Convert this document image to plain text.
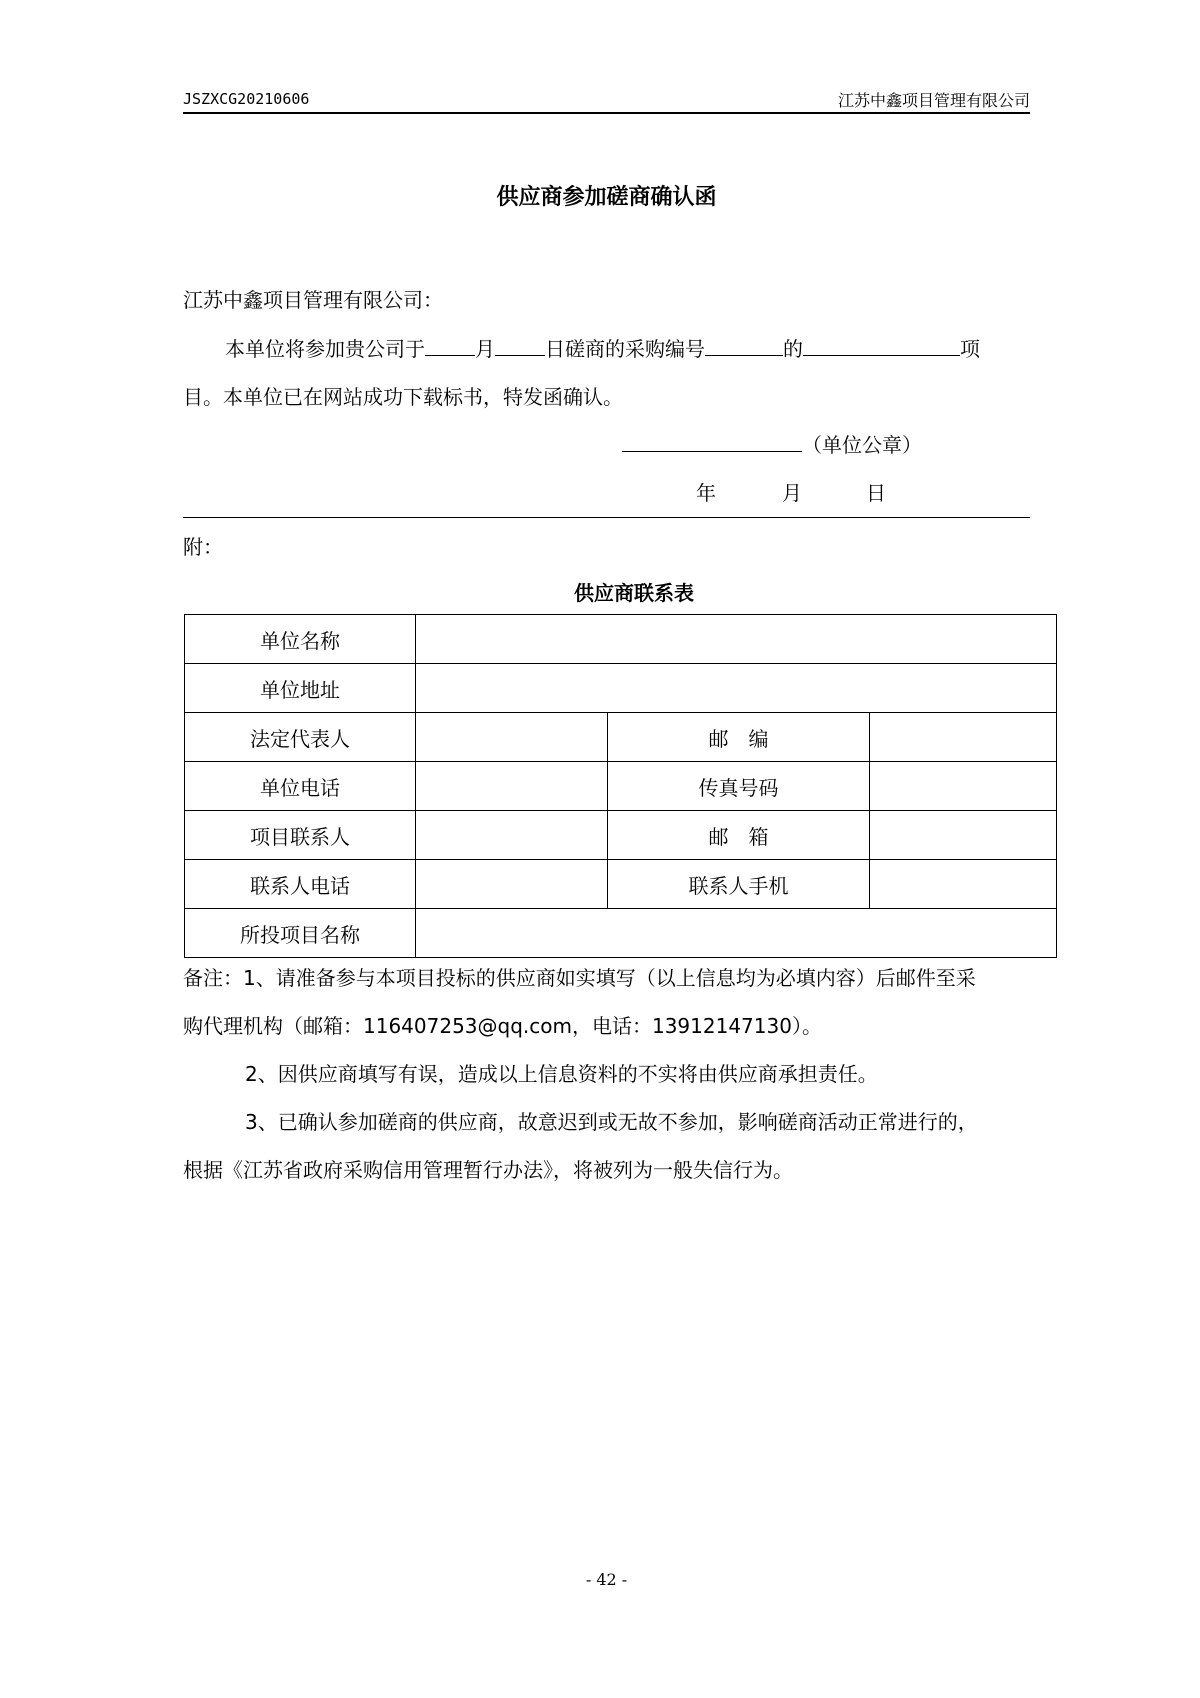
JSZXCG20210606	江苏中鑫项目管理有限公司
供应商参加磋商确认函
江苏中鑫项目管理有限公司：
本单位将参加贵公司于	月	日磋商的采购编号	的	项
目。本单位已在网站成功下载标书，特发函确认。
（单位公章）
年	月	日
附：
供应商联系表
单位名称			
单位地址			
法定代表人		邮　编	
单位电话		传真号码	
项目联系人		邮　箱	
联系人电话		联系人手机	
所投项目名称			
备注：1、请准备参与本项目投标的供应商如实填写（以上信息均为必填内容）后邮件至采
购代理机构（邮箱：116407253@qq.com，电话：13912147130）。
2、因供应商填写有误，造成以上信息资料的不实将由供应商承担责任。
3、已确认参加磋商的供应商，故意迟到或无故不参加，影响磋商活动正常进行的，
根据《江苏省政府采购信用管理暂行办法》，将被列为一般失信行为。
- 42 -
